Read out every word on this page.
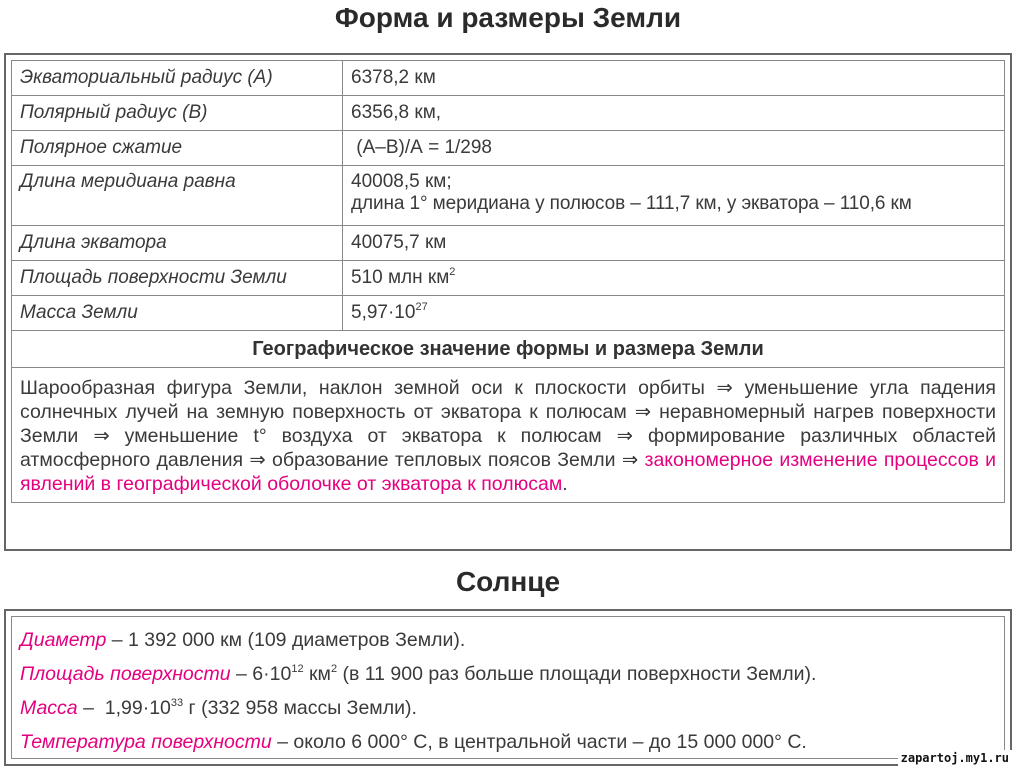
Форма и размеры Земли
Экваториальный радиус (А)	6378,2 км
Полярный радиус (В)	6356,8 км,
Полярное сжатие	(А–В)/А = 1/298
Длина меридиана равна	40008,5 км;
длина 1° меридиана у полюсов – 111,7 км, у экватора – 110,6 км

Длина экватора	40075,7 км
Площадь поверхности Земли	510 млн $км^2$
Масса Земли	$5,97\cdot 10^{27}$
Географическое значение формы и размера Земли	
Шарообразная фигура Земли, наклон земной оси к плоскости орбиты ⇒ уменьшение угла падения солнечных лучей на земную поверхность от экватора к полюсам ⇒ неравномерный нагрев поверхности Земли ⇒ уменьшение t° воздуха от экватора к полюсам ⇒ формирование различных областей атмосферного давления ⇒ образование тепловых поясов Земли ⇒ закономерное изменение процессов и явлений в географической оболочке от экватора к полюсам.	
Солнце
Диаметр – 1 392 000 км (109 диаметров Земли).
Площадь поверхности – $6\cdot 10^{12}$ $км^2$ (в 11 900 раз больше площади поверхности Земли).
Масса –  $1,99\cdot 10^{33}$ г (332 958 массы Земли).
Температура поверхности – около 6 000° С, в центральной части – до 15 000 000° С.
zapartoj.my1.ru
